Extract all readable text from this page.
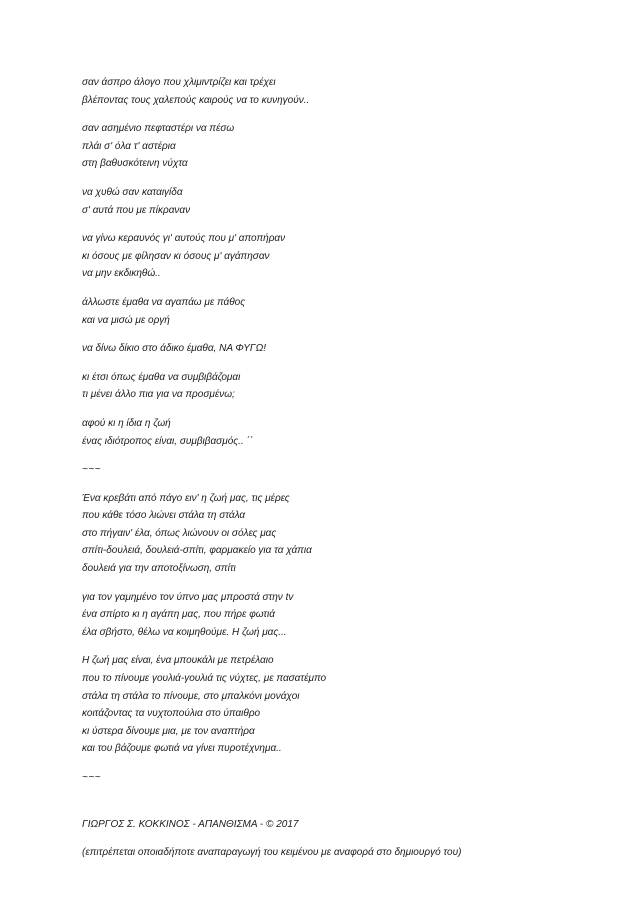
σαν άσπρο άλογο που χλιμιντρίζει και τρέχει
βλέποντας τους χαλεπούς καιρούς να το κυνηγούν..
σαν ασημένιο πεφταστέρι να πέσω
πλάι σ' όλα τ' αστέρια
στη βαθυσκότεινη νύχτα
να χυθώ σαν καταιγίδα
σ' αυτά που με πίκραναν
να γίνω κεραυνός γι' αυτούς που μ' αποπήραν
κι όσους με φίλησαν κι όσους μ' αγάπησαν
να μην εκδικηθώ..
άλλωστε έμαθα να αγαπάω με πάθος
και να μισώ με οργή
να δίνω δίκιο στο άδικο έμαθα, ΝΑ ΦΥΓΩ!
κι έτσι όπως έμαθα να συμβιβάζομαι
τι μένει άλλο πια για να προσμένω;
αφού κι η ίδια η ζωή
ένας ιδιότροπος είναι, συμβιβασμός.. ΄΄
~~~
Ένα κρεβάτι από πάγο ειν' η ζωή μας, τις μέρες
που κάθε τόσο λιώνει στάλα τη στάλα
στο πήγαιν' έλα, όπως λιώνουν οι σόλες μας
σπίτι-δουλειά, δουλειά-σπίτι, φαρμακείο για τα χάπια
δουλειά για την αποτοξίνωση, σπίτι
για τον γαμημένο τον ύπνο μας μπροστά στην tv
ένα σπίρτο κι η αγάπη μας, που πήρε φωτιά
έλα σβήστο, θέλω να κοιμηθούμε. Η ζωή μας...
Η ζωή μας είναι, ένα μπουκάλι με πετρέλαιο
που το πίνουμε γουλιά-γουλιά τις νύχτες, με πασατέμπο
στάλα τη στάλα το πίνουμε, στο μπαλκόνι μονάχοι
κοιτάζοντας τα νυχτοπούλια στο ύπαιθρο
κι ύστερα δίνουμε μια, με τον αναπτήρα
και του βάζουμε φωτιά να γίνει πυροτέχνημα..
~~~
ΓΙΩΡΓΟΣ Σ. ΚΟΚΚΙΝΟΣ - ΑΠΑΝΘΙΣΜΑ - © 2017
(επιτρέπεται οποιαδήποτε αναπαραγωγή του κειμένου με αναφορά στο δημιουργό του)
